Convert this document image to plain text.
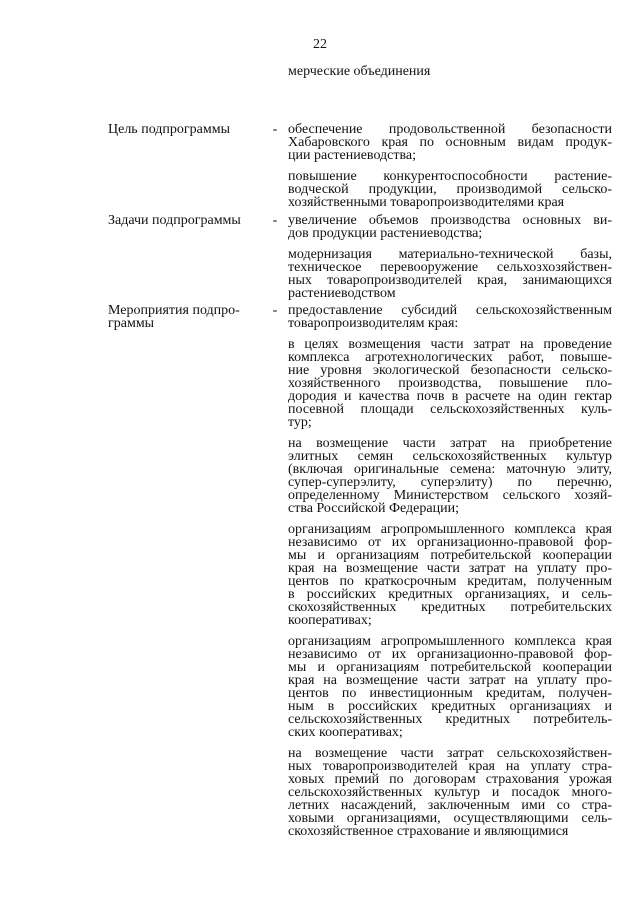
22
мерческие объединения
Цель подпрограммы	- обеспечение продовольственной безопасности
Хабаровского края по основным видам продук-
ции растениеводства;
повышение конкурентоспособности растение-
водческой продукции, производимой сельско-
хозяйственными товаропроизводителями края
Задачи подпрограммы	- увеличение объемов производства основных ви-
дов продукции растениеводства;
модернизация материально-технической базы,
техническое перевооружение сельхозхозяйствен-
ных товаропроизводителей края, занимающихся
растениеводством
Мероприятия подпро-
граммы
- предоставление субсидий сельскохозяйственным
товаропроизводителям края:
в целях возмещения части затрат на проведение
комплекса агротехнологических работ, повыше-
ние уровня экологической безопасности сельско-
хозяйственного производства, повышение пло-
дородия и качества почв в расчете на один гектар
посевной площади сельскохозяйственных куль-
тур;
на возмещение части затрат на приобретение
элитных семян сельскохозяйственных культур
(включая оригинальные семена: маточную элиту,
супер-суперэлиту, суперэлиту) по перечню,
определенному Министерством сельского хозяй-
ства Российской Федерации;
организациям агропромышленного комплекса края
независимо от их организационно-правовой фор-
мы и организациям потребительской кооперации
края на возмещение части затрат на уплату про-
центов по краткосрочным кредитам, полученным
в российских кредитных организациях, и сель-
скохозяйственных кредитных потребительских
кооперативах;
организациям агропромышленного комплекса края
независимо от их организационно-правовой фор-
мы и организациям потребительской кооперации
края на возмещение части затрат на уплату про-
центов по инвестиционным кредитам, получен-
ным в российских кредитных организациях и
сельскохозяйственных кредитных потребитель-
ских кооперативах;
на возмещение части затрат сельскохозяйствен-
ных товаропроизводителей края на уплату стра-
ховых премий по договорам страхования урожая
сельскохозяйственных культур и посадок много-
летних насаждений, заключенным ими со стра-
ховыми организациями, осуществляющими сель-
скохозяйственное страхование и являющимися
